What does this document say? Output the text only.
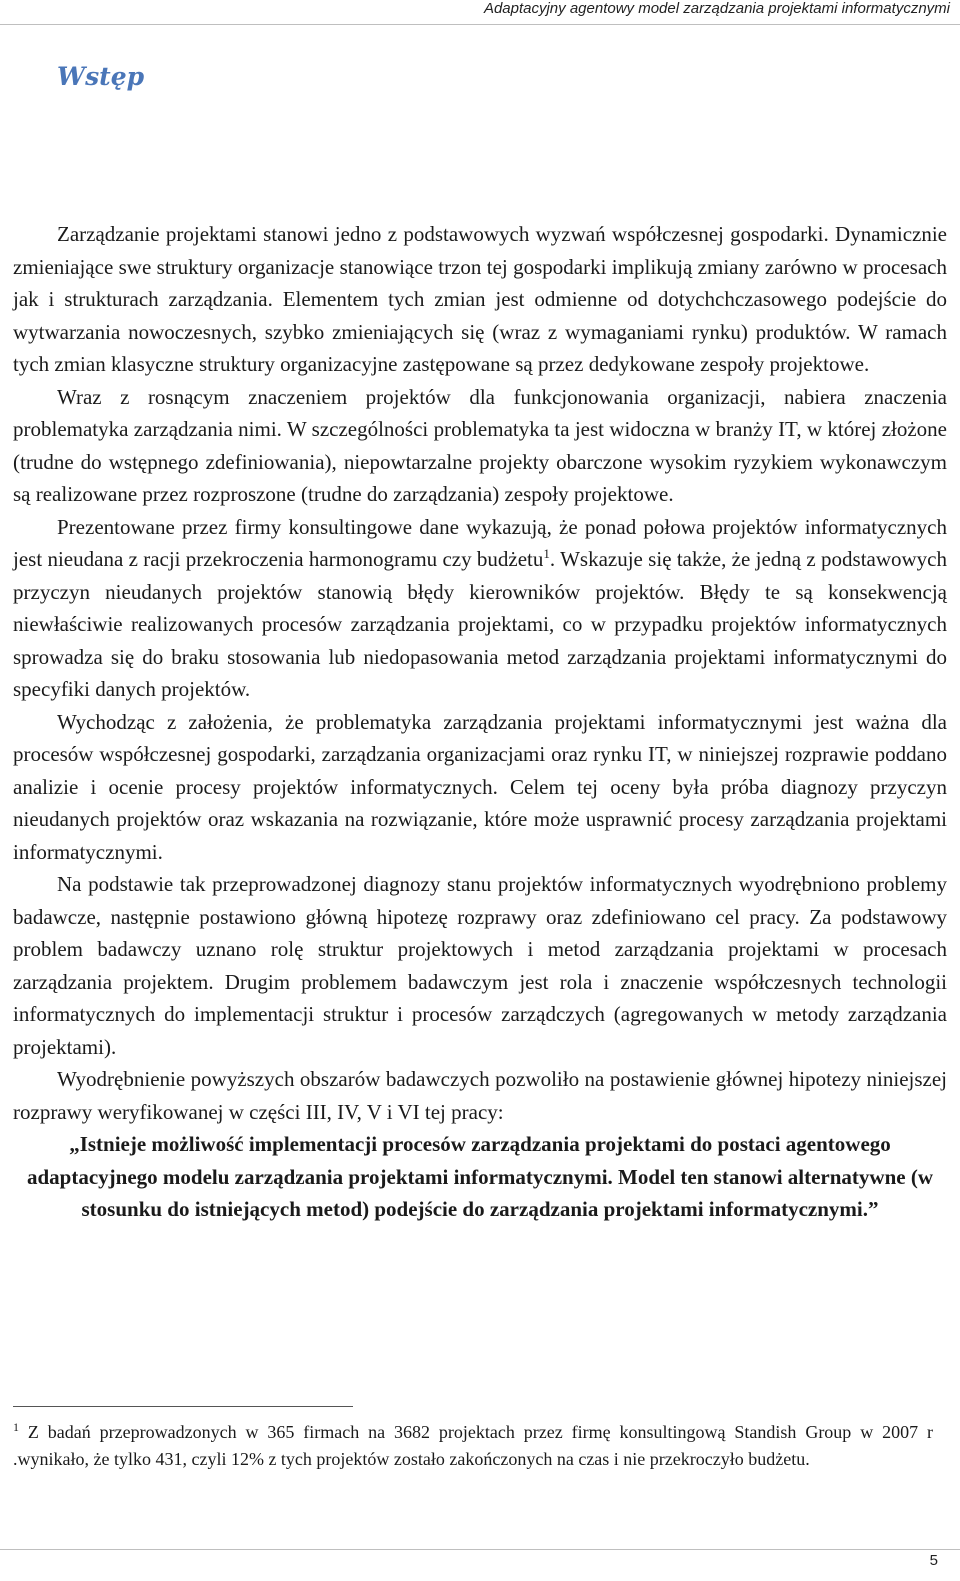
Adaptacyjny agentowy model zarządzania projektami informatycznymi
Wstęp

Zarządzanie projektami stanowi jedno z podstawowych wyzwań współczesnej gospodarki. Dynamicznie zmieniające swe struktury organizacje stanowiące trzon tej gospodarki implikują zmiany zarówno w procesach jak i strukturach zarządzania. Elementem tych zmian jest odmienne od dotychchczasowego podejście do wytwarzania nowoczesnych, szybko zmieniających się (wraz z wymaganiami rynku) produktów. W ramach tych zmian klasyczne struktury organizacyjne zastępowane są przez dedykowane zespoły projektowe.

Wraz z rosnącym znaczeniem projektów dla funkcjonowania organizacji, nabiera znaczenia problematyka zarządzania nimi. W szczególności problematyka ta jest widoczna w branży IT, w której złożone (trudne do wstępnego zdefiniowania), niepowtarzalne projekty obarczone wysokim ryzykiem wykonawczym są realizowane przez rozproszone (trudne do zarządzania) zespoły projektowe.

Prezentowane przez firmy konsultingowe dane wykazują, że ponad połowa projektów informatycznych jest nieudana z racji przekroczenia harmonogramu czy budżetu$^1$. Wskazuje się także, że jedną z podstawowych przyczyn nieudanych projektów stanowią błędy kierowników projektów. Błędy te są konsekwencją niewłaściwie realizowanych procesów zarządzania projektami, co w przypadku projektów informatycznych sprowadza się do braku stosowania lub niedopasowania metod zarządzania projektami informatycznymi do specyfiki danych projektów.

Wychodząc z założenia, że problematyka zarządzania projektami informatycznymi jest ważna dla procesów współczesnej gospodarki, zarządzania organizacjami oraz rynku IT, w niniejszej rozprawie poddano analizie i ocenie procesy projektów informatycznych. Celem tej oceny była próba diagnozy przyczyn nieudanych projektów oraz wskazania na rozwiązanie, które może usprawnić procesy zarządzania projektami informatycznymi.

Na podstawie tak przeprowadzonej diagnozy stanu projektów informatycznych wyodrębniono problemy badawcze, następnie postawiono główną hipotezę rozprawy oraz zdefiniowano cel pracy. Za podstawowy problem badawczy uznano rolę struktur projektowych i metod zarządzania projektami w procesach zarządzania projektem. Drugim problemem badawczym jest rola i znaczenie współczesnych technologii informatycznych do implementacji struktur i procesów zarządczych (agregowanych w metody zarządzania projektami).

Wyodrębnienie powyższych obszarów badawczych pozwoliło na postawienie głównej hipotezy niniejszej rozprawy weryfikowanej w części III, IV, V i VI tej pracy:

„Istnieje możliwość implementacji procesów zarządzania projektami do postaci agentowego adaptacyjnego modelu zarządzania projektami informatycznymi. Model ten stanowi alternatywne (w stosunku do istniejących metod) podejście do zarządzania projektami informatycznymi.”

$^1$ Z badań przeprowadzonych w 365 firmach na 3682 projektach przez firmę konsultingową Standish Group w 2007 r .wynikało, że tylko 431, czyli 12% z tych projektów zostało zakończonych na czas i nie przekroczyło budżetu.

5
